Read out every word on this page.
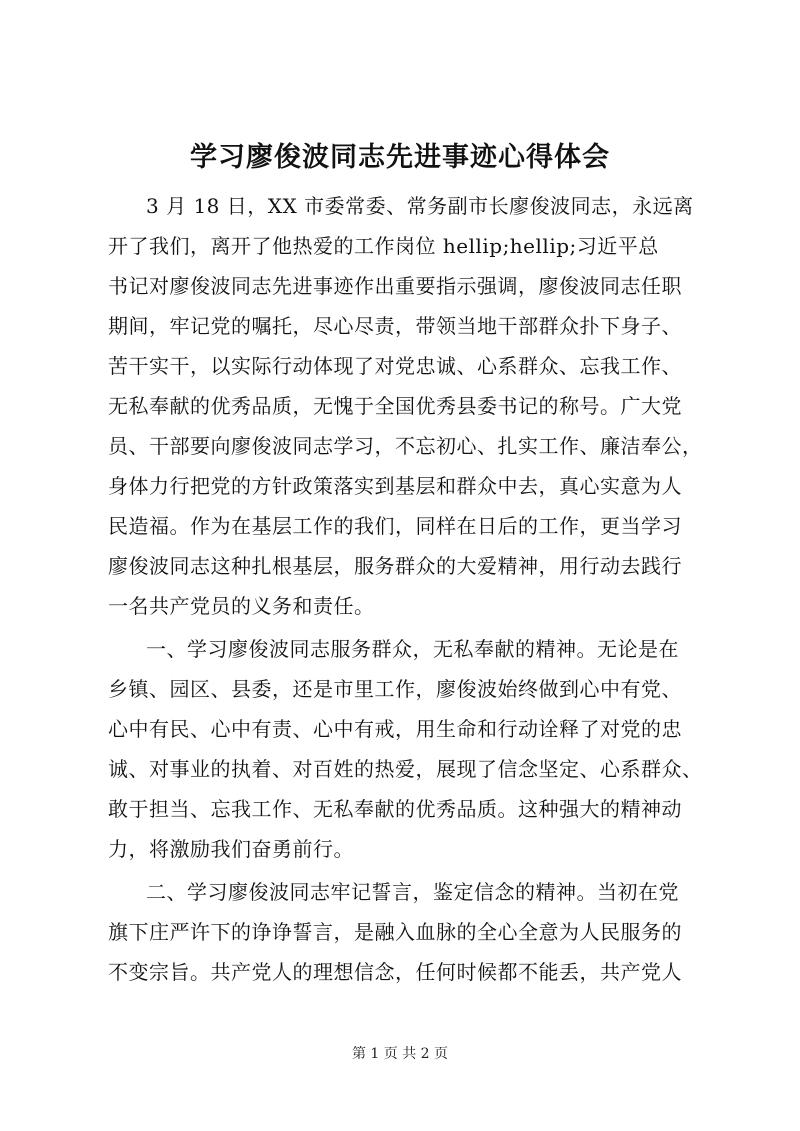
学习廖俊波同志先进事迹心得体会

3 月 18 日，XX 市委常委、常务副市长廖俊波同志，永远离

开了我们，离开了他热爱的工作岗位 hellip;hellip;习近平总

书记对廖俊波同志先进事迹作出重要指示强调，廖俊波同志任职

期间，牢记党的嘱托，尽心尽责，带领当地干部群众扑下身子、

苦干实干，以实际行动体现了对党忠诚、心系群众、忘我工作、

无私奉献的优秀品质，无愧于全国优秀县委书记的称号。广大党

员、干部要向廖俊波同志学习，不忘初心、扎实工作、廉洁奉公，

身体力行把党的方针政策落实到基层和群众中去，真心实意为人

民造福。作为在基层工作的我们，同样在日后的工作，更当学习

廖俊波同志这种扎根基层，服务群众的大爱精神，用行动去践行

一名共产党员的义务和责任。

一、学习廖俊波同志服务群众，无私奉献的精神。无论是在

乡镇、园区、县委，还是市里工作，廖俊波始终做到心中有党、

心中有民、心中有责、心中有戒，用生命和行动诠释了对党的忠

诚、对事业的执着、对百姓的热爱，展现了信念坚定、心系群众、

敢于担当、忘我工作、无私奉献的优秀品质。这种强大的精神动

力，将激励我们奋勇前行。

二、学习廖俊波同志牢记誓言，鉴定信念的精神。当初在党

旗下庄严许下的诤诤誓言，是融入血脉的全心全意为人民服务的

不变宗旨。共产党人的理想信念，任何时候都不能丢，共产党人

第 1 页 共 2 页
